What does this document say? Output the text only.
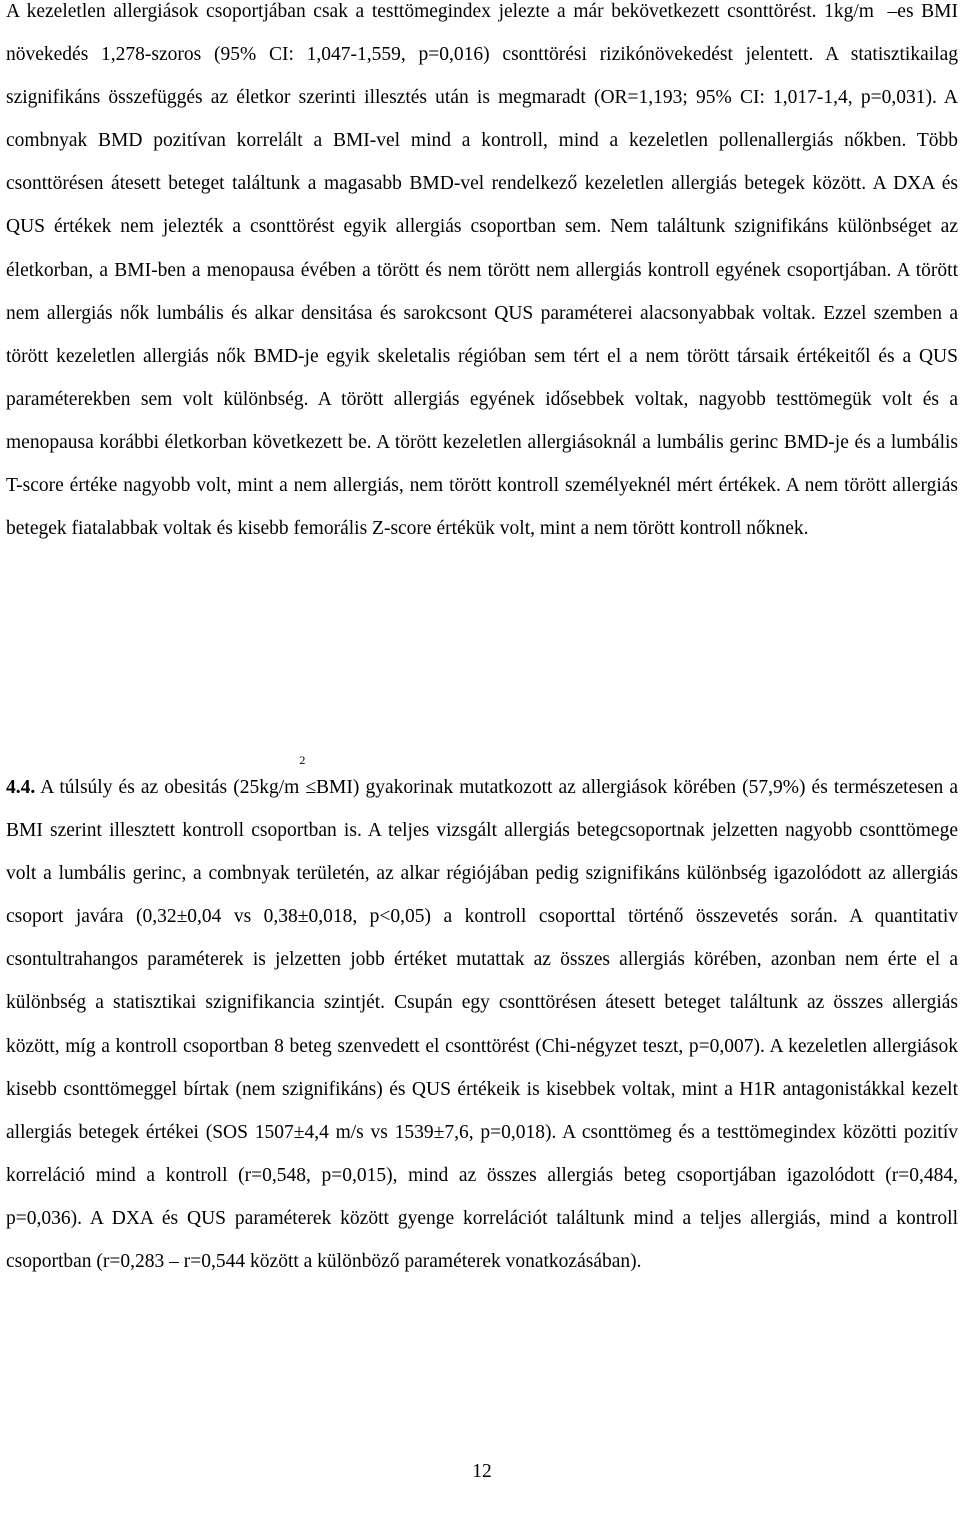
A kezeletlen allergiások csoportjában csak a testtömegindex jelezte a már bekövetkezett csonttörést. 1kg/m –es BMI növekedés 1,278-szoros (95% CI: 1,047-1,559, p=0,016) csonttörési rizikónövekedést jelentett. A statisztikailag szignifikáns összefüggés az életkor szerinti illesztés után is megmaradt (OR=1,193; 95% CI: 1,017-1,4, p=0,031). A combnyak BMD pozitívan korrelált a BMI-vel mind a kontroll, mind a kezeletlen pollenallergiás nőkben. Több csonttörésen átesett beteget találtunk a magasabb BMD-vel rendelkező kezeletlen allergiás betegek között. A DXA és QUS értékek nem jelezték a csonttörést egyik allergiás csoportban sem. Nem találtunk szignifikáns különbséget az életkorban, a BMI-ben a menopausa évében a törött és nem törött nem allergiás kontroll egyének csoportjában. A törött nem allergiás nők lumbális és alkar densitása és sarokcsont QUS paraméterei alacsonyabbak voltak. Ezzel szemben a törött kezeletlen allergiás nők BMD-je egyik skeletalis régióban sem tért el a nem törött társaik értékeitől és a QUS paraméterekben sem volt különbség. A törött allergiás egyének idősebbek voltak, nagyobb testtömegük volt és a menopausa korábbi életkorban következett be. A törött kezeletlen allergiásoknál a lumbális gerinc BMD-je és a lumbális T-score értéke nagyobb volt, mint a nem allergiás, nem törött kontroll személyeknél mért értékek. A nem törött allergiás betegek fiatalabbak voltak és kisebb femorális Z-score értékük volt, mint a nem törött kontroll nőknek.

4.4. A túlsúly és az obesitás $(25kg/m^2\le BMI)$ gyakorinak mutatkozott az allergiások körében (57,9%) és természetesen a BMI szerint illesztett kontroll csoportban is. A teljes vizsgált allergiás betegcsoportnak jelzetten nagyobb csonttömege volt a lumbális gerinc, a combnyak területén, az alkar régiójában pedig szignifikáns különbség igazolódott az allergiás csoport javára (0,32±0,04 vs 0,38±0,018, p<0,05) a kontroll csoporttal történő összevetés során. A quantitativ csontultrahangos paraméterek is jelzetten jobb értéket mutattak az összes allergiás körében, azonban nem érte el a különbség a statisztikai szignifikancia szintjét. Csupán egy csonttörésen átesett beteget találtunk az összes allergiás között, míg a kontroll csoportban 8 beteg szenvedett el csonttörést (Chi-négyzet teszt, p=0,007). A kezeletlen allergiások kisebb csonttömeggel bírtak (nem szignifikáns) és QUS értékeik is kisebbek voltak, mint a H1R antagonistákkal kezelt allergiás betegek értékei (SOS 1507±4,4 m/s vs 1539±7,6, p=0,018). A csonttömeg és a testtömegindex közötti pozitív korreláció mind a kontroll (r=0,548, p=0,015), mind az összes allergiás beteg csoportjában igazolódott (r=0,484, p=0,036). A DXA és QUS paraméterek között gyenge korrelációt találtunk mind a teljes allergiás, mind a kontroll csoportban (r=0,283 – r=0,544 között a különböző paraméterek vonatkozásában).

12
